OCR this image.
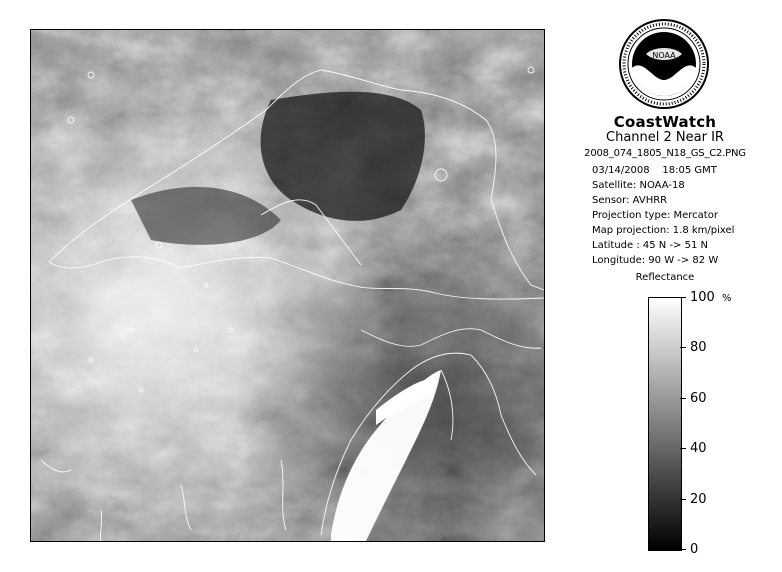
NOAA
CoastWatch
Channel 2 Near IR
2008_074_1805_N18_GS_C2.PNG
03/14/2008 18:05 GMT
Satellite: NOAA-18
Sensor: AVHRR
Projection type: Mercator
Map projection: 1.8 km/pixel
Latitude : 45 N -> 51 N
Longitude: 90 W -> 82 W
Reflectance
%
100
80
60
40
20
0
